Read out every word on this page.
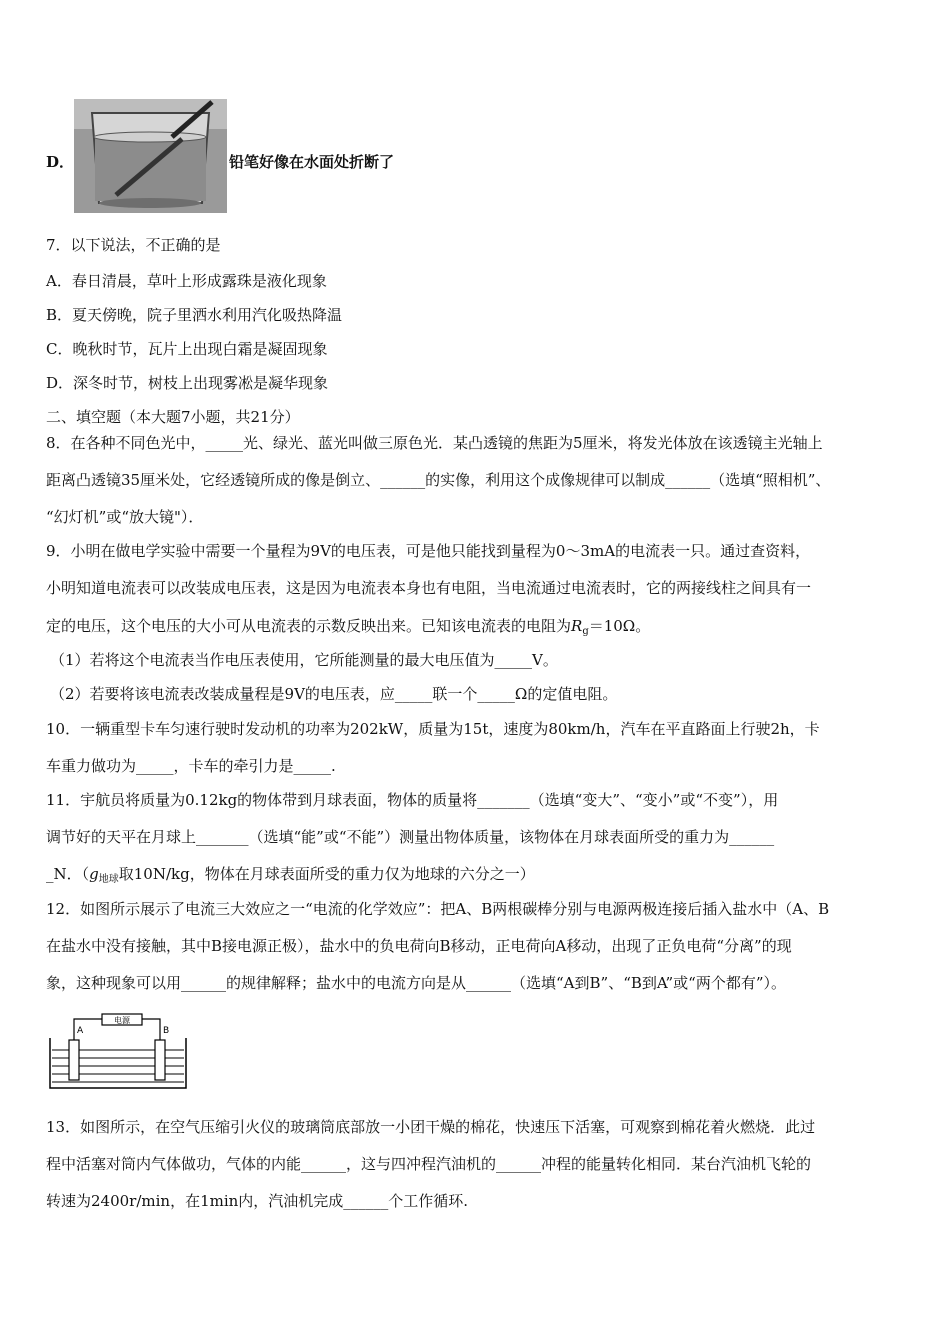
D．	铅笔好像在水面处折断了
7．以下说法，不正确的是
A．春日清晨，草叶上形成露珠是液化现象
B．夏天傍晚，院子里洒水利用汽化吸热降温
C．晚秋时节，瓦片上出现白霜是凝固现象
D．深冬时节，树枝上出现雾凇是凝华现象
二、填空题（本大题7小题，共21分）
8．在各种不同色光中，_____光、绿光、蓝光叫做三原色光．某凸透镜的焦距为5厘米，将发光体放在该透镜主光轴上
距离凸透镜35厘米处，它经透镜所成的像是倒立、______的实像，利用这个成像规律可以制成______（选填“照相机”、
“幻灯机”或“放大镜"）．
9．小明在做电学实验中需要一个量程为9V的电压表，可是他只能找到量程为0～3mA的电流表一只。通过查资料，
小明知道电流表可以改装成电压表，这是因为电流表本身也有电阻，当电流通过电流表时，它的两接线柱之间具有一
定的电压，这个电压的大小可从电流表的示数反映出来。已知该电流表的电阻为$R_g=10\Omega$。
（1）若将这个电流表当作电压表使用，它所能测量的最大电压值为_____V。
（2）若要将该电流表改装成量程是9V的电压表，应_____联一个_____Ω的定值电阻。
10．一辆重型卡车匀速行驶时发动机的功率为202kW，质量为15t，速度为80km/h，汽车在平直路面上行驶2h，卡
车重力做功为_____，卡车的牵引力是_____.
11．宇航员将质量为0.12kg的物体带到月球表面，物体的质量将_______（选填“变大”、“变小”或“不变”），用
调节好的天平在月球上_______（选填“能”或“不能”）测量出物体质量，该物体在月球表面所受的重力为______
_N．（$g_{地球}$取10N/kg，物体在月球表面所受的重力仅为地球的六分之一）
12．如图所示展示了电流三大效应之一“电流的化学效应”：把A、B两根碳棒分别与电源两极连接后插入盐水中（A、B
在盐水中没有接触，其中B接电源正极），盐水中的负电荷向B移动，正电荷向A移动，出现了正负电荷“分离”的现
象，这种现象可以用______的规律解释；盐水中的电流方向是从______（选填“A到B”、“B到A”或“两个都有”）。
电源
A	B
13．如图所示，在空气压缩引火仪的玻璃筒底部放一小团干燥的棉花，快速压下活塞，可观察到棉花着火燃烧．此过
程中活塞对筒内气体做功，气体的内能______，这与四冲程汽油机的______冲程的能量转化相同．某台汽油机飞轮的
转速为2400r/min，在1min内，汽油机完成______个工作循环.
